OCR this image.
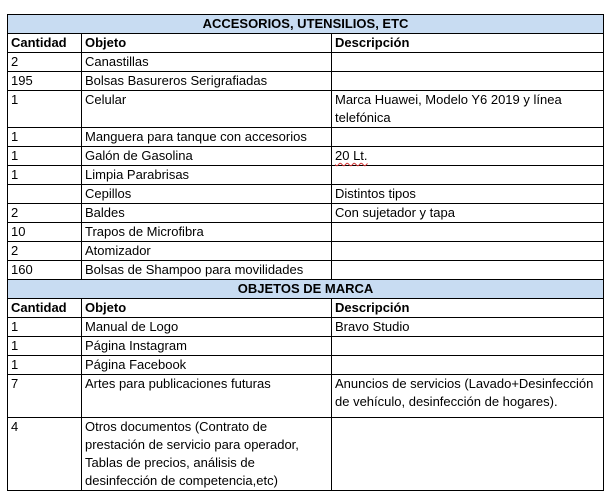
ACCESORIOS, UTENSILIOS, ETC		
Cantidad	Objeto	Descripción
2	Canastillas	
195	Bolsas Basureros Serigrafiadas	
1	Celular	Marca Huawei, Modelo Y6 2019 y línea telefónica
1	Manguera para tanque con accesorios	
1	Galón de Gasolina	20 Lt.
1	Limpia Parabrisas	
	Cepillos	Distintos tipos
2	Baldes	Con sujetador y tapa
10	Trapos de Microfibra	
2	Atomizador	
160	Bolsas de Shampoo para movilidades	
OBJETOS DE MARCA		
Cantidad	Objeto	Descripción
1	Manual de Logo	Bravo Studio
1	Página Instagram	
1	Página Facebook	
7	Artes para publicaciones futuras	Anuncios de servicios (Lavado+Desinfección de vehículo, desinfección de hogares).
4	Otros documentos (Contrato de prestación de servicio para operador, Tablas de precios, análisis de desinfección de competencia,etc)	
